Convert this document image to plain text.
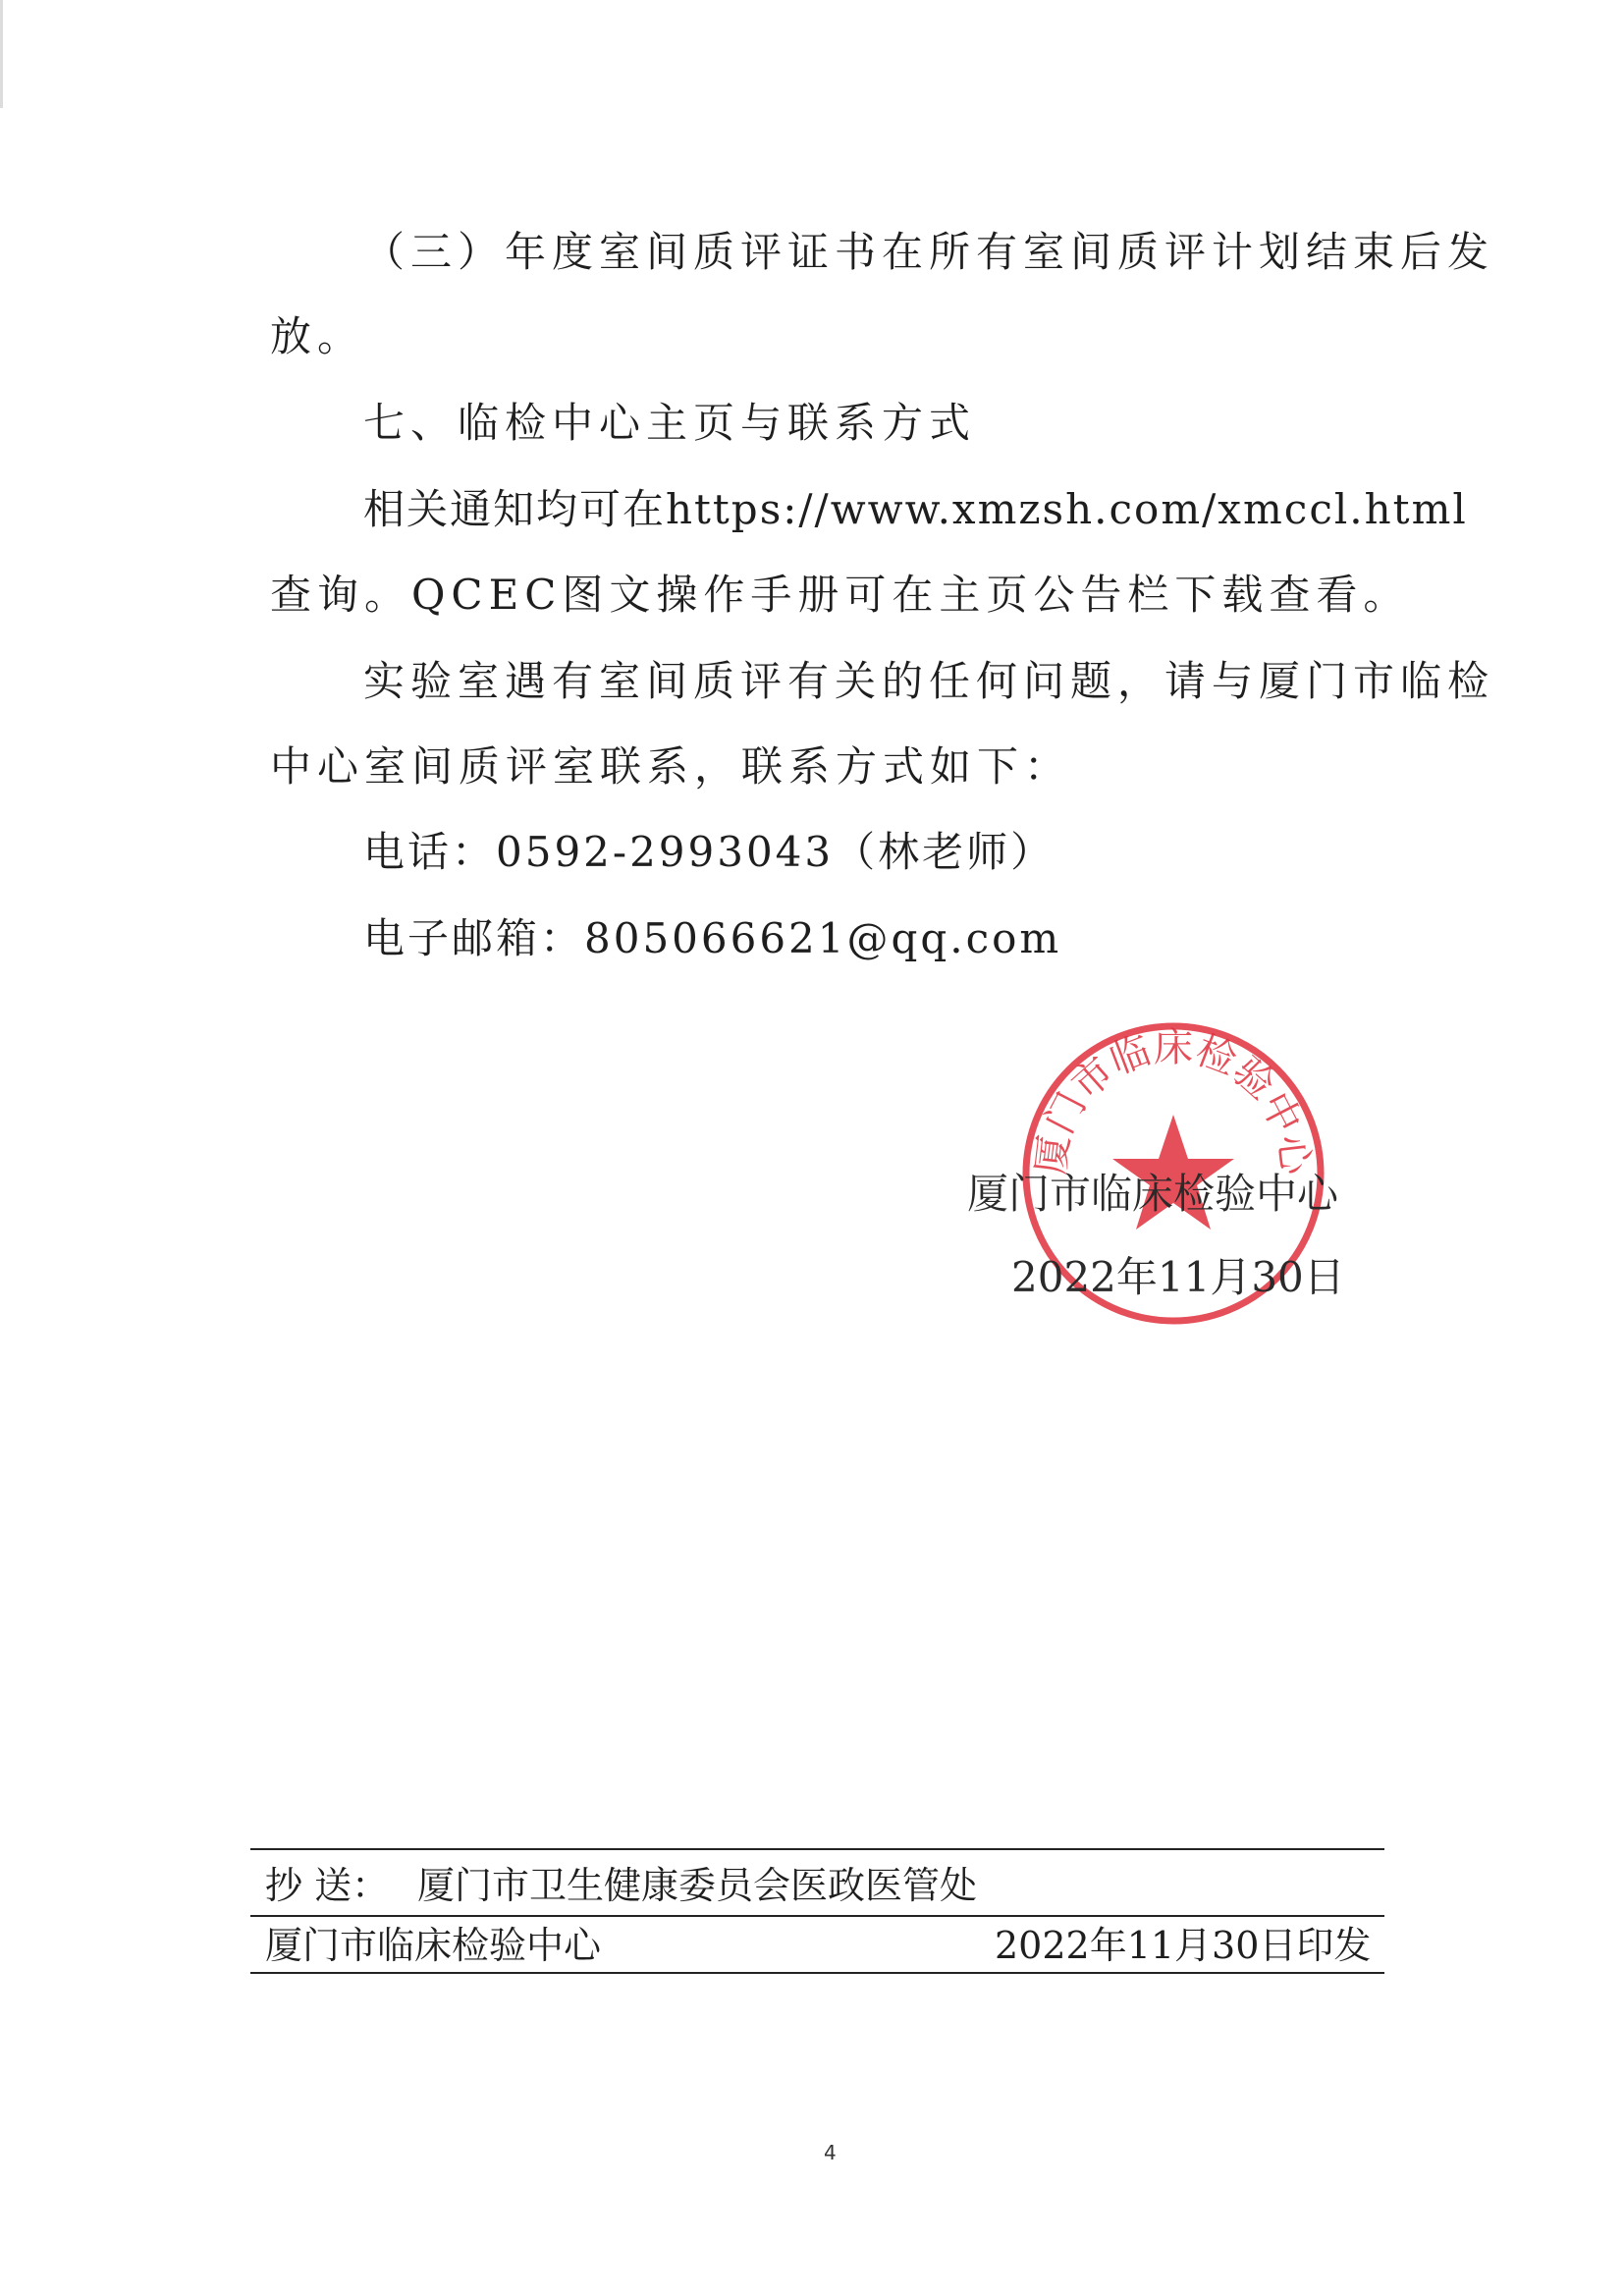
（三）年度室间质评证书在所有室间质评计划结束后发
放。
七、临检中心主页与联系方式
相关通知均可在https://www.xmzsh.com/xmccl.html
查询。QCEC图文操作手册可在主页公告栏下载查看。
实验室遇有室间质评有关的任何问题，请与厦门市临检
中心室间质评室联系，联系方式如下：
电话：0592-2993043（林老师）
电子邮箱：805066621@qq.com
厦门市临床检验中心
厦门市临床检验中心
2022年11月30日
抄 送： 厦门市卫生健康委员会医政医管处
厦门市临床检验中心	2022年11月30日印发
4
